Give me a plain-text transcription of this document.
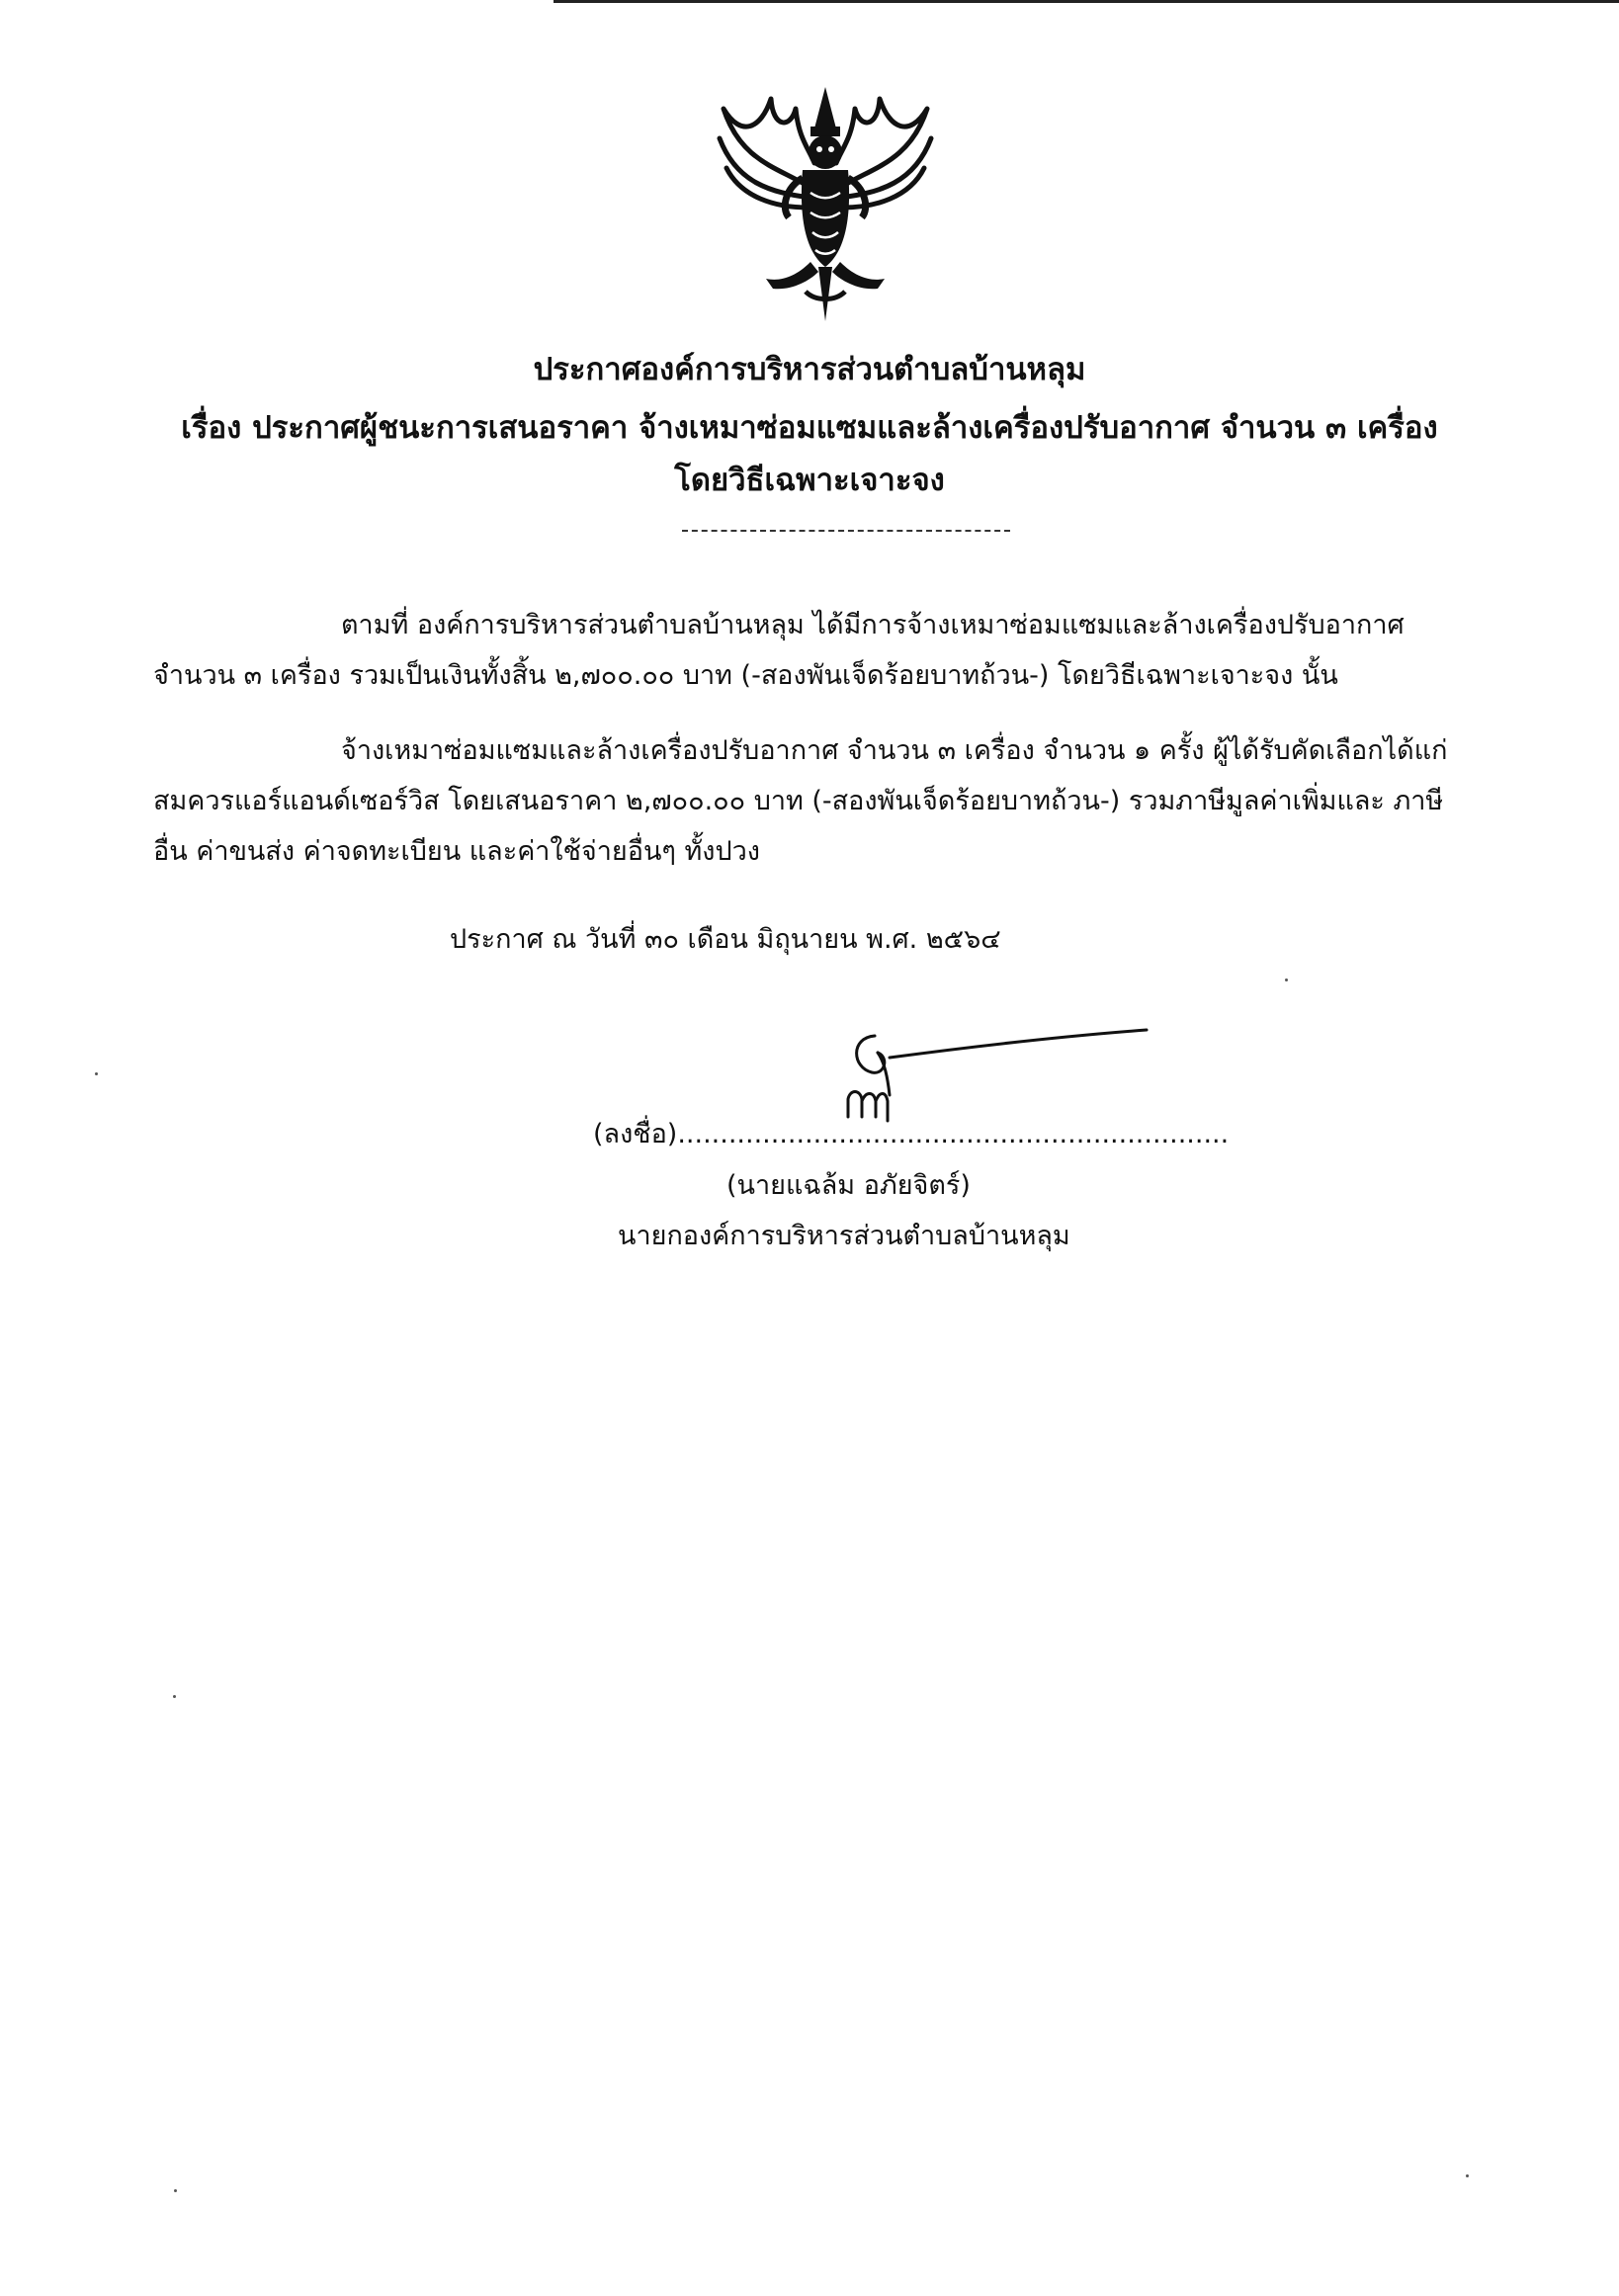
ประกาศองค์การบริหารส่วนตำบลบ้านหลุม
เรื่อง ประกาศผู้ชนะการเสนอราคา จ้างเหมาซ่อมแซมและล้างเครื่องปรับอากาศ จำนวน ๓ เครื่อง
โดยวิธีเฉพาะเจาะจง
ตามที่ องค์การบริหารส่วนตำบลบ้านหลุม ได้มีการจ้างเหมาซ่อมแซมและล้างเครื่องปรับอากาศ
จำนวน ๓ เครื่อง รวมเป็นเงินทั้งสิ้น ๒,๗๐๐.๐๐ บาท (-สองพันเจ็ดร้อยบาทถ้วน-) โดยวิธีเฉพาะเจาะจง นั้น
จ้างเหมาซ่อมแซมและล้างเครื่องปรับอากาศ จำนวน ๓ เครื่อง จำนวน ๑ ครั้ง ผู้ได้รับคัดเลือกได้แก่
สมควรแอร์แอนด์เซอร์วิส โดยเสนอราคา ๒,๗๐๐.๐๐ บาท (-สองพันเจ็ดร้อยบาทถ้วน-) รวมภาษีมูลค่าเพิ่มและ ภาษี
อื่น ค่าขนส่ง ค่าจดทะเบียน และค่าใช้จ่ายอื่นๆ ทั้งปวง
ประกาศ ณ วันที่ ๓๐ เดือน มิถุนายน พ.ศ. ๒๕๖๔
(ลงชื่อ).................................................................
(นายแฉล้ม อภัยจิตร์)
นายกองค์การบริหารส่วนตำบลบ้านหลุม
